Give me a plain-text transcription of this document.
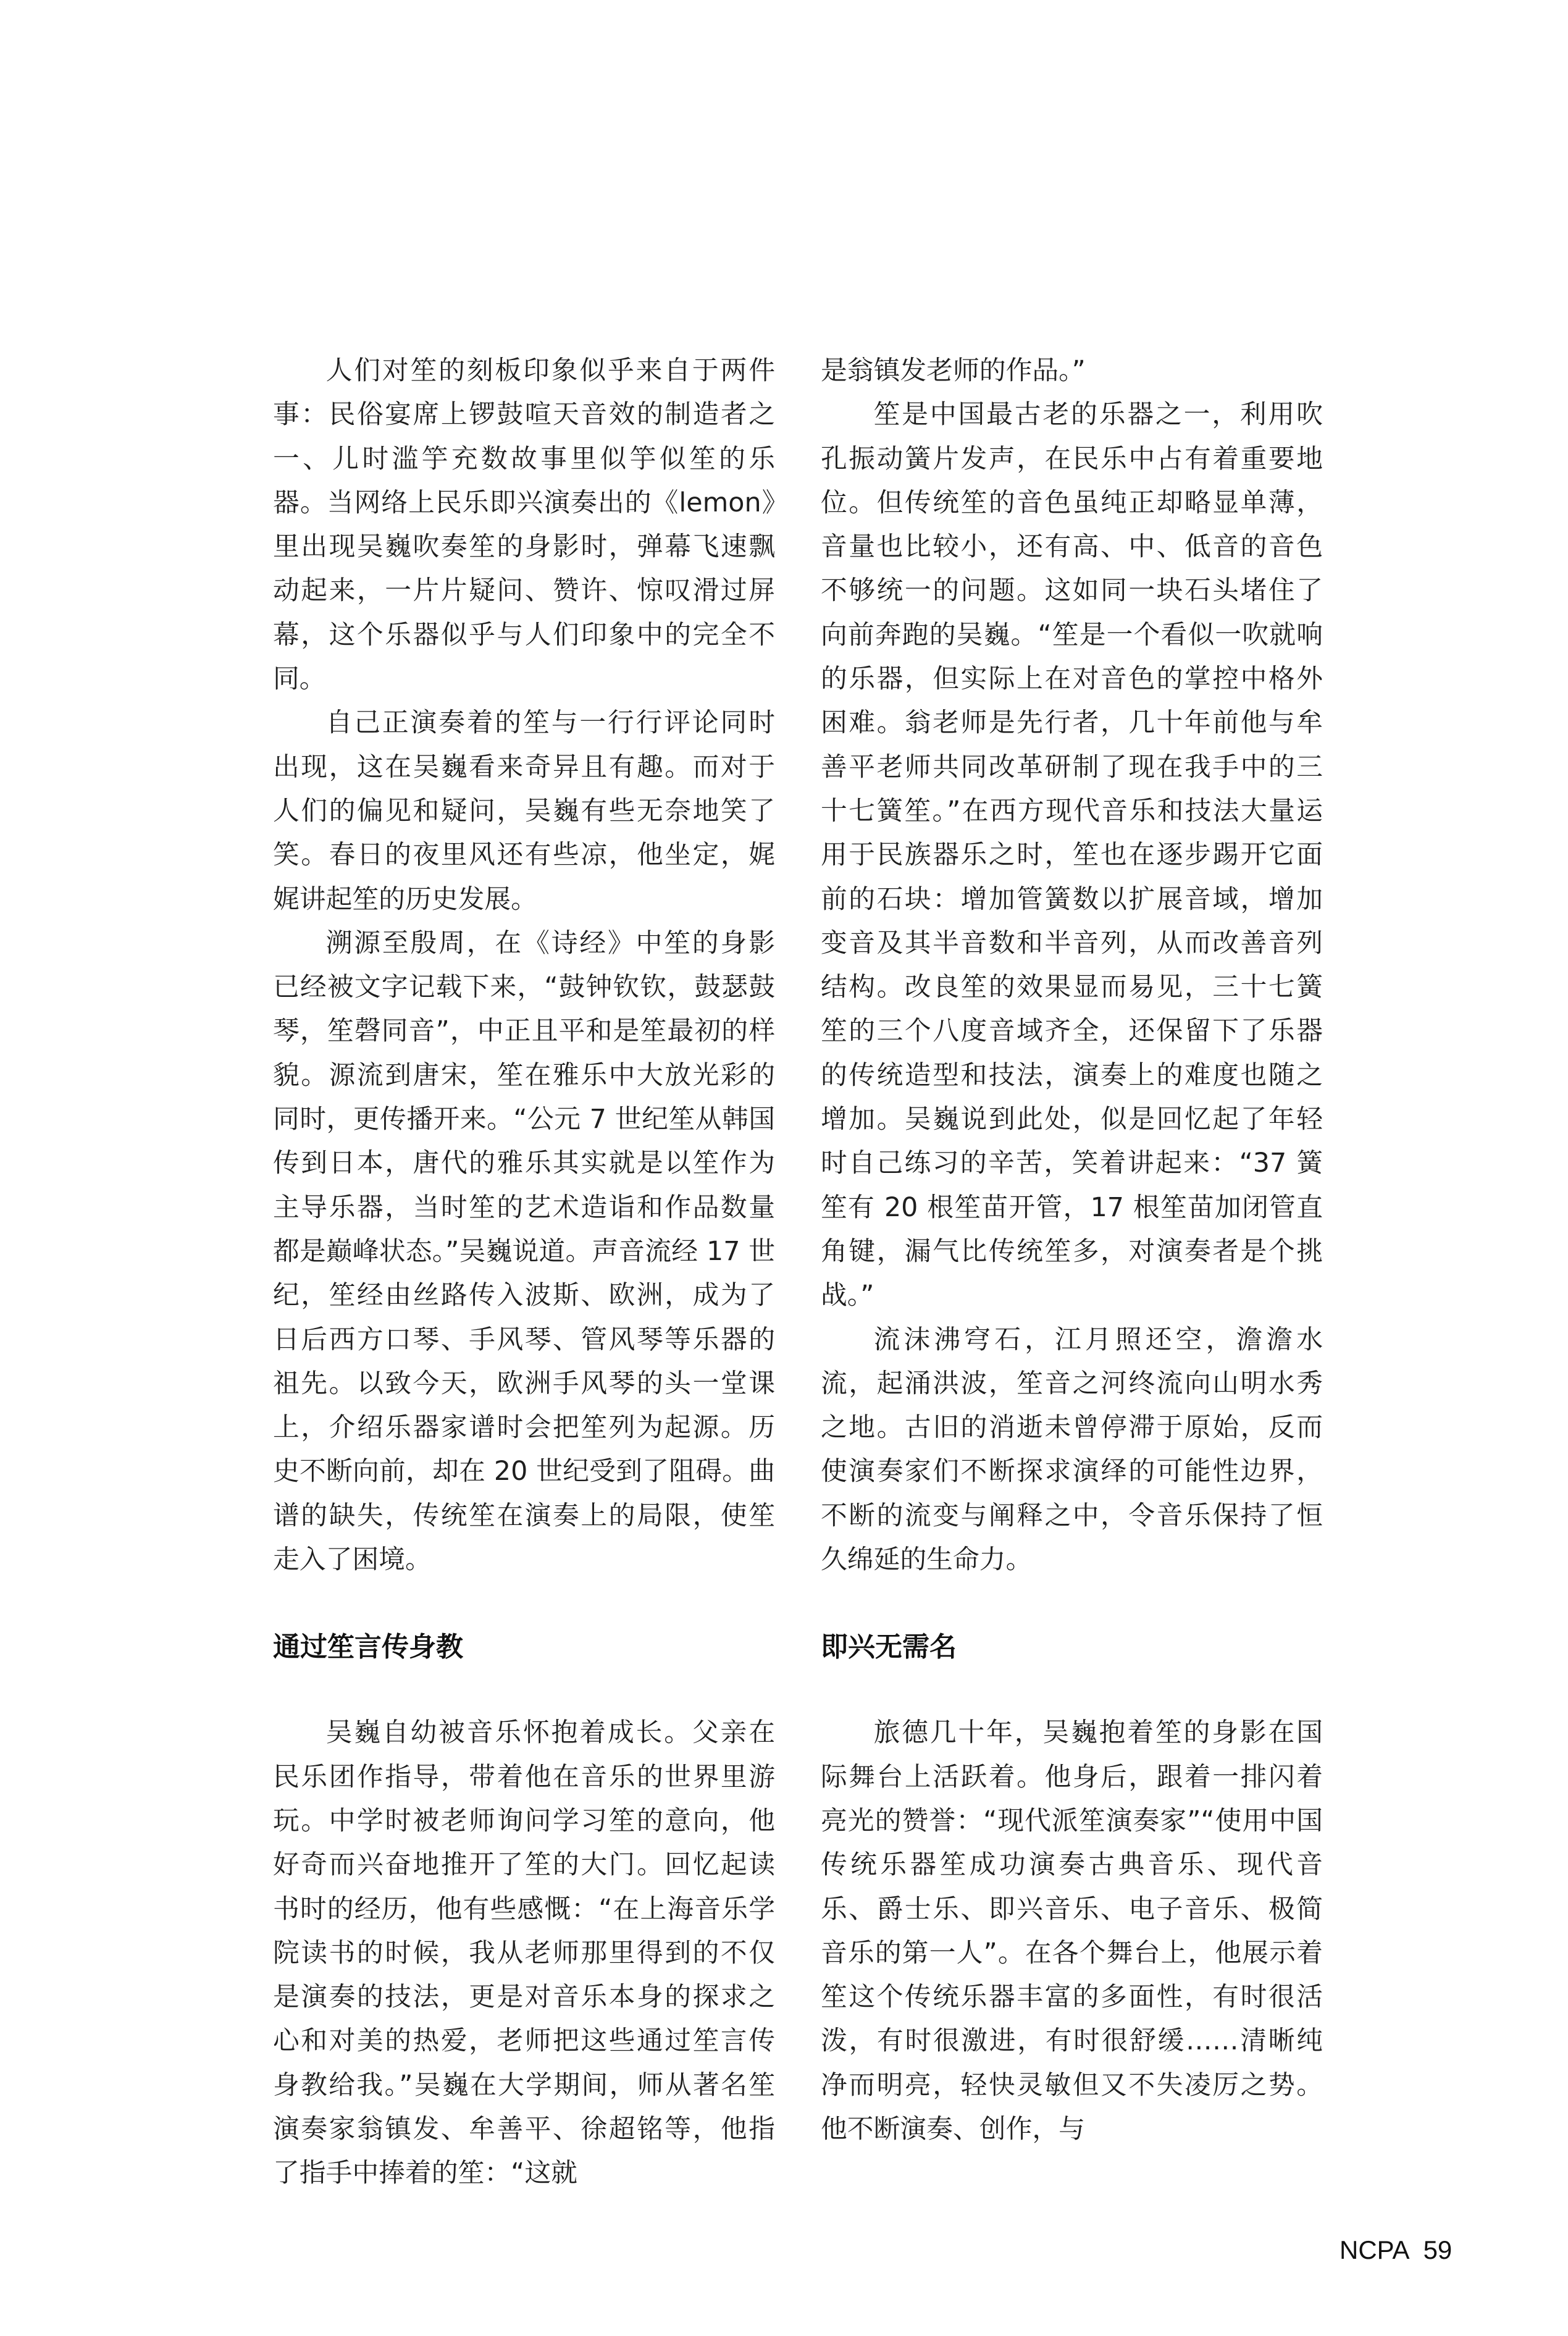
人们对笙的刻板印象似乎来自于两件事：民俗宴席上锣鼓喧天音效的制造者之一、儿时滥竽充数故事里似竽似笙的乐器。当网络上民乐即兴演奏出的《lemon》里出现吴巍吹奏笙的身影时，弹幕飞速飘动起来，一片片疑问、赞许、惊叹滑过屏幕，这个乐器似乎与人们印象中的完全不同。

自己正演奏着的笙与一行行评论同时出现，这在吴巍看来奇异且有趣。而对于人们的偏见和疑问，吴巍有些无奈地笑了笑。春日的夜里风还有些凉，他坐定，娓娓讲起笙的历史发展。

溯源至殷周，在《诗经》中笙的身影已经被文字记载下来，“鼓钟钦钦，鼓瑟鼓琴，笙磬同音”，中正且平和是笙最初的样貌。源流到唐宋，笙在雅乐中大放光彩的同时，更传播开来。“公元 7 世纪笙从韩国传到日本，唐代的雅乐其实就是以笙作为主导乐器，当时笙的艺术造诣和作品数量都是巅峰状态。”吴巍说道。声音流经 17 世纪，笙经由丝路传入波斯、欧洲，成为了日后西方口琴、手风琴、管风琴等乐器的祖先。以致今天，欧洲手风琴的头一堂课上，介绍乐器家谱时会把笙列为起源。历史不断向前，却在 20 世纪受到了阻碍。曲谱的缺失，传统笙在演奏上的局限，使笙走入了困境。

通过笙言传身教

吴巍自幼被音乐怀抱着成长。父亲在民乐团作指导，带着他在音乐的世界里游玩。中学时被老师询问学习笙的意向，他好奇而兴奋地推开了笙的大门。回忆起读书时的经历，他有些感慨：“在上海音乐学院读书的时候，我从老师那里得到的不仅是演奏的技法，更是对音乐本身的探求之心和对美的热爱，老师把这些通过笙言传身教给我。”吴巍在大学期间，师从著名笙演奏家翁镇发、牟善平、徐超铭等，他指了指手中捧着的笙：“这就

是翁镇发老师的作品。”

笙是中国最古老的乐器之一，利用吹孔振动簧片发声，在民乐中占有着重要地位。但传统笙的音色虽纯正却略显单薄，音量也比较小，还有高、中、低音的音色不够统一的问题。这如同一块石头堵住了向前奔跑的吴巍。“笙是一个看似一吹就响的乐器，但实际上在对音色的掌控中格外困难。翁老师是先行者，几十年前他与牟善平老师共同改革研制了现在我手中的三十七簧笙。”在西方现代音乐和技法大量运用于民族器乐之时，笙也在逐步踢开它面前的石块：增加管簧数以扩展音域，增加变音及其半音数和半音列，从而改善音列结构。改良笙的效果显而易见，三十七簧笙的三个八度音域齐全，还保留下了乐器的传统造型和技法，演奏上的难度也随之增加。吴巍说到此处，似是回忆起了年轻时自己练习的辛苦，笑着讲起来：“37 簧笙有 20 根笙苗开管，17 根笙苗加闭管直角键，漏气比传统笙多，对演奏者是个挑战。”

流沫沸穹石，江月照还空，澹澹水流，起涌洪波，笙音之河终流向山明水秀之地。古旧的消逝未曾停滞于原始，反而使演奏家们不断探求演绎的可能性边界，不断的流变与阐释之中，令音乐保持了恒久绵延的生命力。

即兴无需名

旅德几十年，吴巍抱着笙的身影在国际舞台上活跃着。他身后，跟着一排闪着亮光的赞誉：“现代派笙演奏家”“使用中国传统乐器笙成功演奏古典音乐、现代音乐、爵士乐、即兴音乐、电子音乐、极简音乐的第一人”。在各个舞台上，他展示着笙这个传统乐器丰富的多面性，有时很活泼，有时很激进，有时很舒缓……清晰纯净而明亮，轻快灵敏但又不失凌厉之势。他不断演奏、创作，与

NCPA 59
